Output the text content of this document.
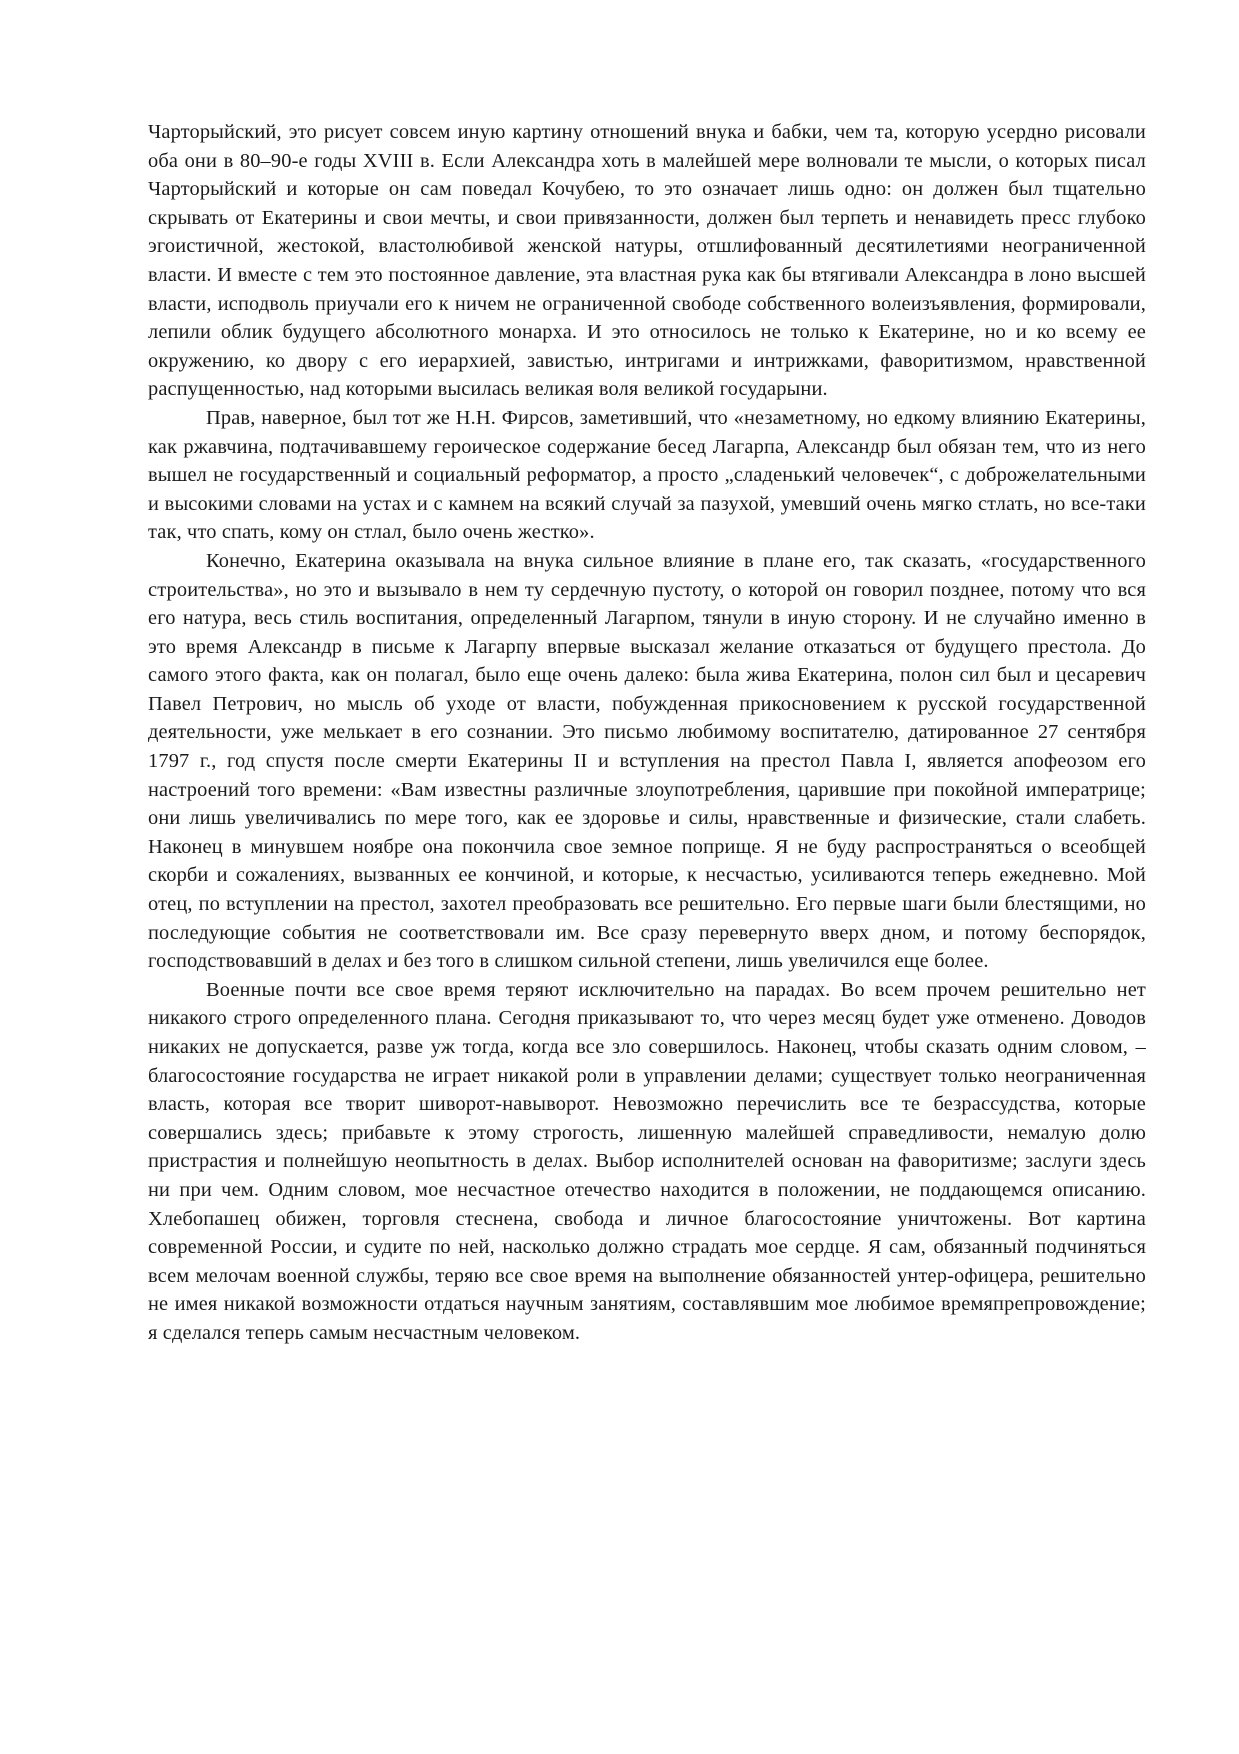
Чарторыйский, это рисует совсем иную картину отношений внука и бабки, чем та, которую усердно рисовали оба они в 80–90-е годы XVIII в. Если Александра хоть в малейшей мере волновали те мысли, о которых писал Чарторыйский и которые он сам поведал Кочубею, то это означает лишь одно: он должен был тщательно скрывать от Екатерины и свои мечты, и свои привязанности, должен был терпеть и ненавидеть пресс глубоко эгоистичной, жестокой, властолюбивой женской натуры, отшлифованный десятилетиями неограниченной власти. И вместе с тем это постоянное давление, эта властная рука как бы втягивали Александра в лоно высшей власти, исподволь приучали его к ничем не ограниченной свободе собственного волеизъявления, формировали, лепили облик будущего абсолютного монарха. И это относилось не только к Екатерине, но и ко всему ее окружению, ко двору с его иерархией, завистью, интригами и интрижками, фаворитизмом, нравственной распущенностью, над которыми высилась великая воля великой государыни.

Прав, наверное, был тот же Н.Н. Фирсов, заметивший, что «незаметному, но едкому влиянию Екатерины, как ржавчина, подтачивавшему героическое содержание бесед Лагарпа, Александр был обязан тем, что из него вышел не государственный и социальный реформатор, а просто „сладенький человечек“, с доброжелательными и высокими словами на устах и с камнем на всякий случай за пазухой, умевший очень мягко стлать, но все-таки так, что спать, кому он стлал, было очень жестко».

Конечно, Екатерина оказывала на внука сильное влияние в плане его, так сказать, «государственного строительства», но это и вызывало в нем ту сердечную пустоту, о которой он говорил позднее, потому что вся его натура, весь стиль воспитания, определенный Лагарпом, тянули в иную сторону. И не случайно именно в это время Александр в письме к Лагарпу впервые высказал желание отказаться от будущего престола. До самого этого факта, как он полагал, было еще очень далеко: была жива Екатерина, полон сил был и цесаревич Павел Петрович, но мысль об уходе от власти, побужденная прикосновением к русской государственной деятельности, уже мелькает в его сознании. Это письмо любимому воспитателю, датированное 27 сентября 1797 г., год спустя после смерти Екатерины II и вступления на престол Павла I, является апофеозом его настроений того времени: «Вам известны различные злоупотребления, царившие при покойной императрице; они лишь увеличивались по мере того, как ее здоровье и силы, нравственные и физические, стали слабеть. Наконец в минувшем ноябре она покончила свое земное поприще. Я не буду распространяться о всеобщей скорби и сожалениях, вызванных ее кончиной, и которые, к несчастью, усиливаются теперь ежедневно. Мой отец, по вступлении на престол, захотел преобразовать все решительно. Его первые шаги были блестящими, но последующие события не соответствовали им. Все сразу перевернуто вверх дном, и потому беспорядок, господствовавший в делах и без того в слишком сильной степени, лишь увеличился еще более.

Военные почти все свое время теряют исключительно на парадах. Во всем прочем решительно нет никакого строго определенного плана. Сегодня приказывают то, что через месяц будет уже отменено. Доводов никаких не допускается, разве уж тогда, когда все зло совершилось. Наконец, чтобы сказать одним словом, – благосостояние государства не играет никакой роли в управлении делами; существует только неограниченная власть, которая все творит шиворот-навыворот. Невозможно перечислить все те безрассудства, которые совершались здесь; прибавьте к этому строгость, лишенную малейшей справедливости, немалую долю пристрастия и полнейшую неопытность в делах. Выбор исполнителей основан на фаворитизме; заслуги здесь ни при чем. Одним словом, мое несчастное отечество находится в положении, не поддающемся описанию. Хлебопашец обижен, торговля стеснена, свобода и личное благосостояние уничтожены. Вот картина современной России, и судите по ней, насколько должно страдать мое сердце. Я сам, обязанный подчиняться всем мелочам военной службы, теряю все свое время на выполнение обязанностей унтер-офицера, решительно не имея никакой возможности отдаться научным занятиям, составлявшим мое любимое времяпрепровождение; я сделался теперь самым несчастным человеком.
